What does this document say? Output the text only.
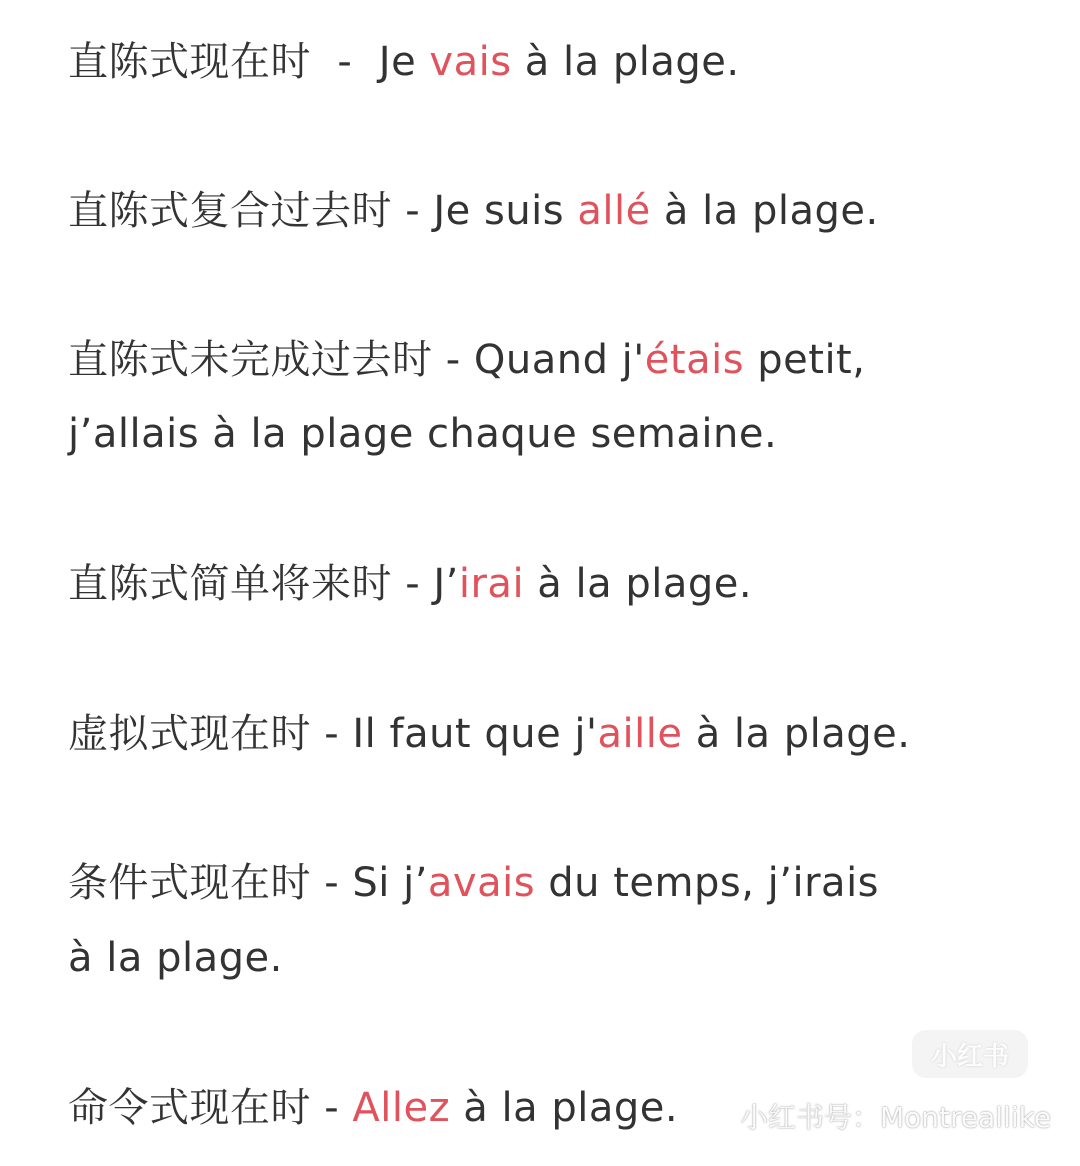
直陈式现在时  -  Je vais à la plage.
直陈式复合过去时 - Je suis allé à la plage.
直陈式未完成过去时 - Quand j'étais petit,
j’allais à la plage chaque semaine.
直陈式简单将来时 - J’irai à la plage.
虚拟式现在时 - Il faut que j'aille à la plage.
条件式现在时 - Si j’avais du temps, j’irais
à la plage.
命令式现在时 - Allez à la plage.
小红书
小红书号：Montreallike
